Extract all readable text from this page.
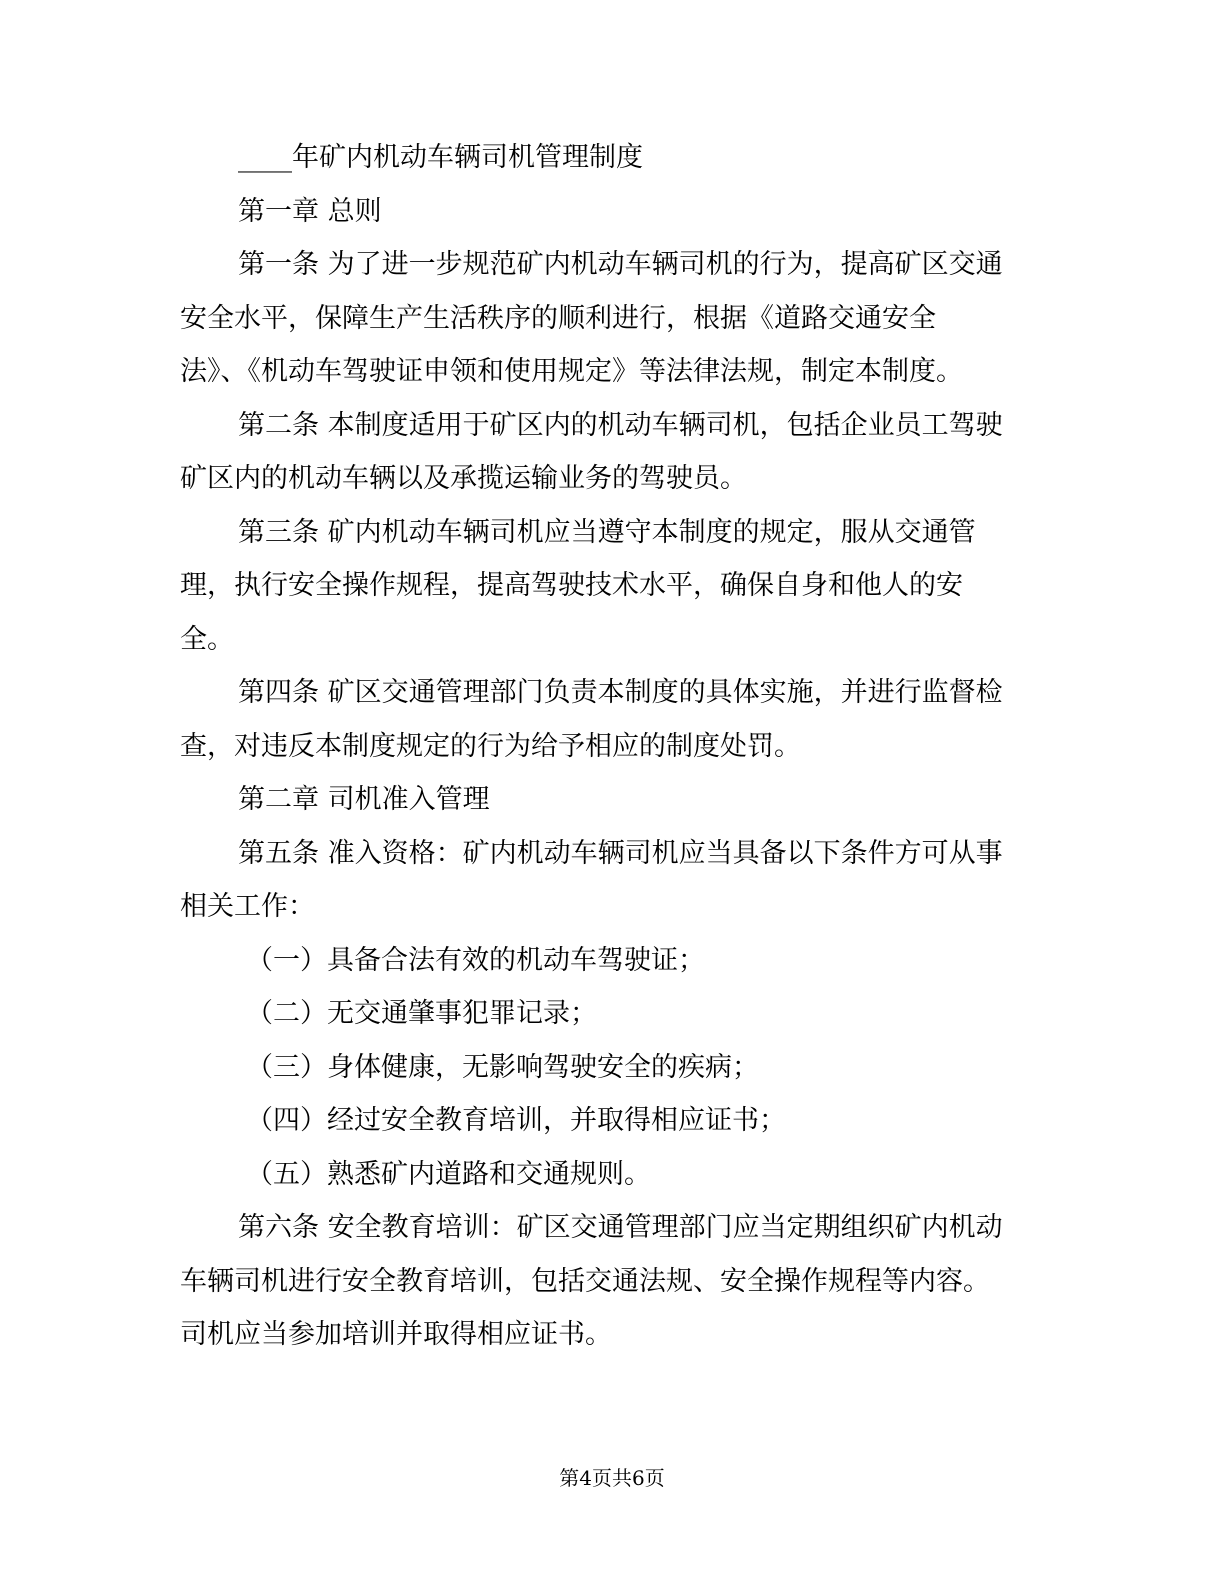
____年矿内机动车辆司机管理制度

第一章 总则

第一条 为了进一步规范矿内机动车辆司机的行为，提高矿区交通

安全水平，保障生产生活秩序的顺利进行，根据《道路交通安全

法》、《机动车驾驶证申领和使用规定》等法律法规，制定本制度。

第二条 本制度适用于矿区内的机动车辆司机，包括企业员工驾驶

矿区内的机动车辆以及承揽运输业务的驾驶员。

第三条 矿内机动车辆司机应当遵守本制度的规定，服从交通管

理，执行安全操作规程，提高驾驶技术水平，确保自身和他人的安

全。

第四条 矿区交通管理部门负责本制度的具体实施，并进行监督检

查，对违反本制度规定的行为给予相应的制度处罚。

第二章 司机准入管理

第五条 准入资格：矿内机动车辆司机应当具备以下条件方可从事

相关工作：

（一）具备合法有效的机动车驾驶证；

（二）无交通肇事犯罪记录；

（三）身体健康，无影响驾驶安全的疾病；

（四）经过安全教育培训，并取得相应证书；

（五）熟悉矿内道路和交通规则。

第六条 安全教育培训：矿区交通管理部门应当定期组织矿内机动

车辆司机进行安全教育培训，包括交通法规、安全操作规程等内容。

司机应当参加培训并取得相应证书。

第4页共6页
